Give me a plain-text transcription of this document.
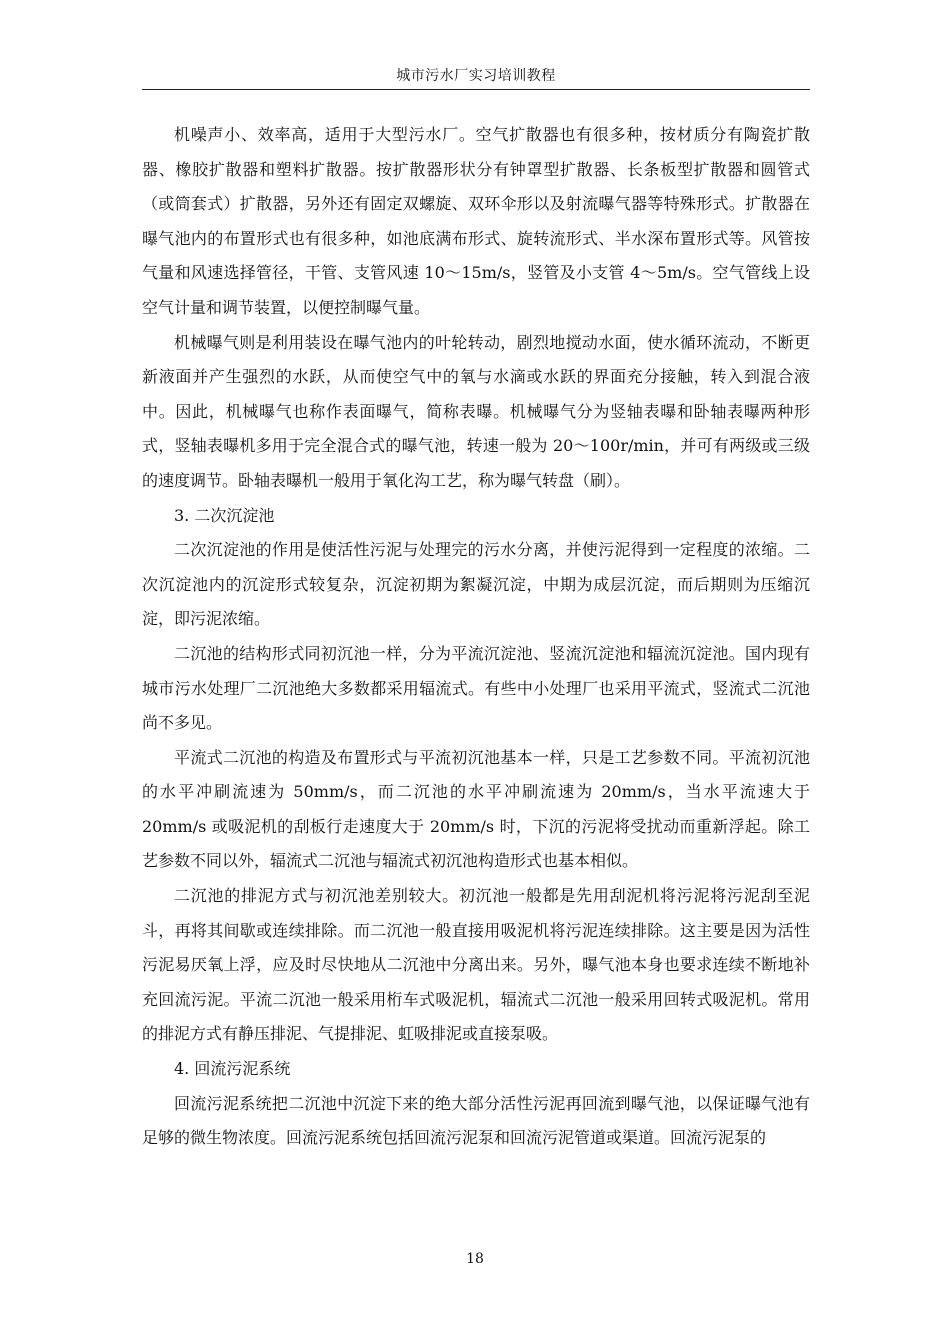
城市污水厂实习培训教程

机噪声小、效率高，适用于大型污水厂。空气扩散器也有很多种，按材质分有陶瓷扩散器、橡胶扩散器和塑料扩散器。按扩散器形状分有钟罩型扩散器、长条板型扩散器和圆管式（或筒套式）扩散器，另外还有固定双螺旋、双环伞形以及射流曝气器等特殊形式。扩散器在曝气池内的布置形式也有很多种，如池底满布形式、旋转流形式、半水深布置形式等。风管按气量和风速选择管径，干管、支管风速 10～15m/s，竖管及小支管 4～5m/s。空气管线上设空气计量和调节装置，以便控制曝气量。

机械曝气则是利用装设在曝气池内的叶轮转动，剧烈地搅动水面，使水循环流动，不断更新液面并产生强烈的水跃，从而使空气中的氧与水滴或水跃的界面充分接触，转入到混合液中。因此，机械曝气也称作表面曝气，简称表曝。机械曝气分为竖轴表曝和卧轴表曝两种形式，竖轴表曝机多用于完全混合式的曝气池，转速一般为 20～100r/min，并可有两级或三级的速度调节。卧轴表曝机一般用于氧化沟工艺，称为曝气转盘（刷）。

3. 二次沉淀池

二次沉淀池的作用是使活性污泥与处理完的污水分离，并使污泥得到一定程度的浓缩。二次沉淀池内的沉淀形式较复杂，沉淀初期为絮凝沉淀，中期为成层沉淀，而后期则为压缩沉淀，即污泥浓缩。

二沉池的结构形式同初沉池一样，分为平流沉淀池、竖流沉淀池和辐流沉淀池。国内现有城市污水处理厂二沉池绝大多数都采用辐流式。有些中小处理厂也采用平流式，竖流式二沉池尚不多见。

平流式二沉池的构造及布置形式与平流初沉池基本一样，只是工艺参数不同。平流初沉池的水平冲刷流速为 50mm/s，而二沉池的水平冲刷流速为 20mm/s，当水平流速大于 20mm/s 或吸泥机的刮板行走速度大于 20mm/s 时，下沉的污泥将受扰动而重新浮起。除工艺参数不同以外，辐流式二沉池与辐流式初沉池构造形式也基本相似。

二沉池的排泥方式与初沉池差别较大。初沉池一般都是先用刮泥机将污泥将污泥刮至泥斗，再将其间歇或连续排除。而二沉池一般直接用吸泥机将污泥连续排除。这主要是因为活性污泥易厌氧上浮，应及时尽快地从二沉池中分离出来。另外，曝气池本身也要求连续不断地补充回流污泥。平流二沉池一般采用桁车式吸泥机，辐流式二沉池一般采用回转式吸泥机。常用的排泥方式有静压排泥、气提排泥、虹吸排泥或直接泵吸。

4. 回流污泥系统

回流污泥系统把二沉池中沉淀下来的绝大部分活性污泥再回流到曝气池，以保证曝气池有足够的微生物浓度。回流污泥系统包括回流污泥泵和回流污泥管道或渠道。回流污泥泵的

18
